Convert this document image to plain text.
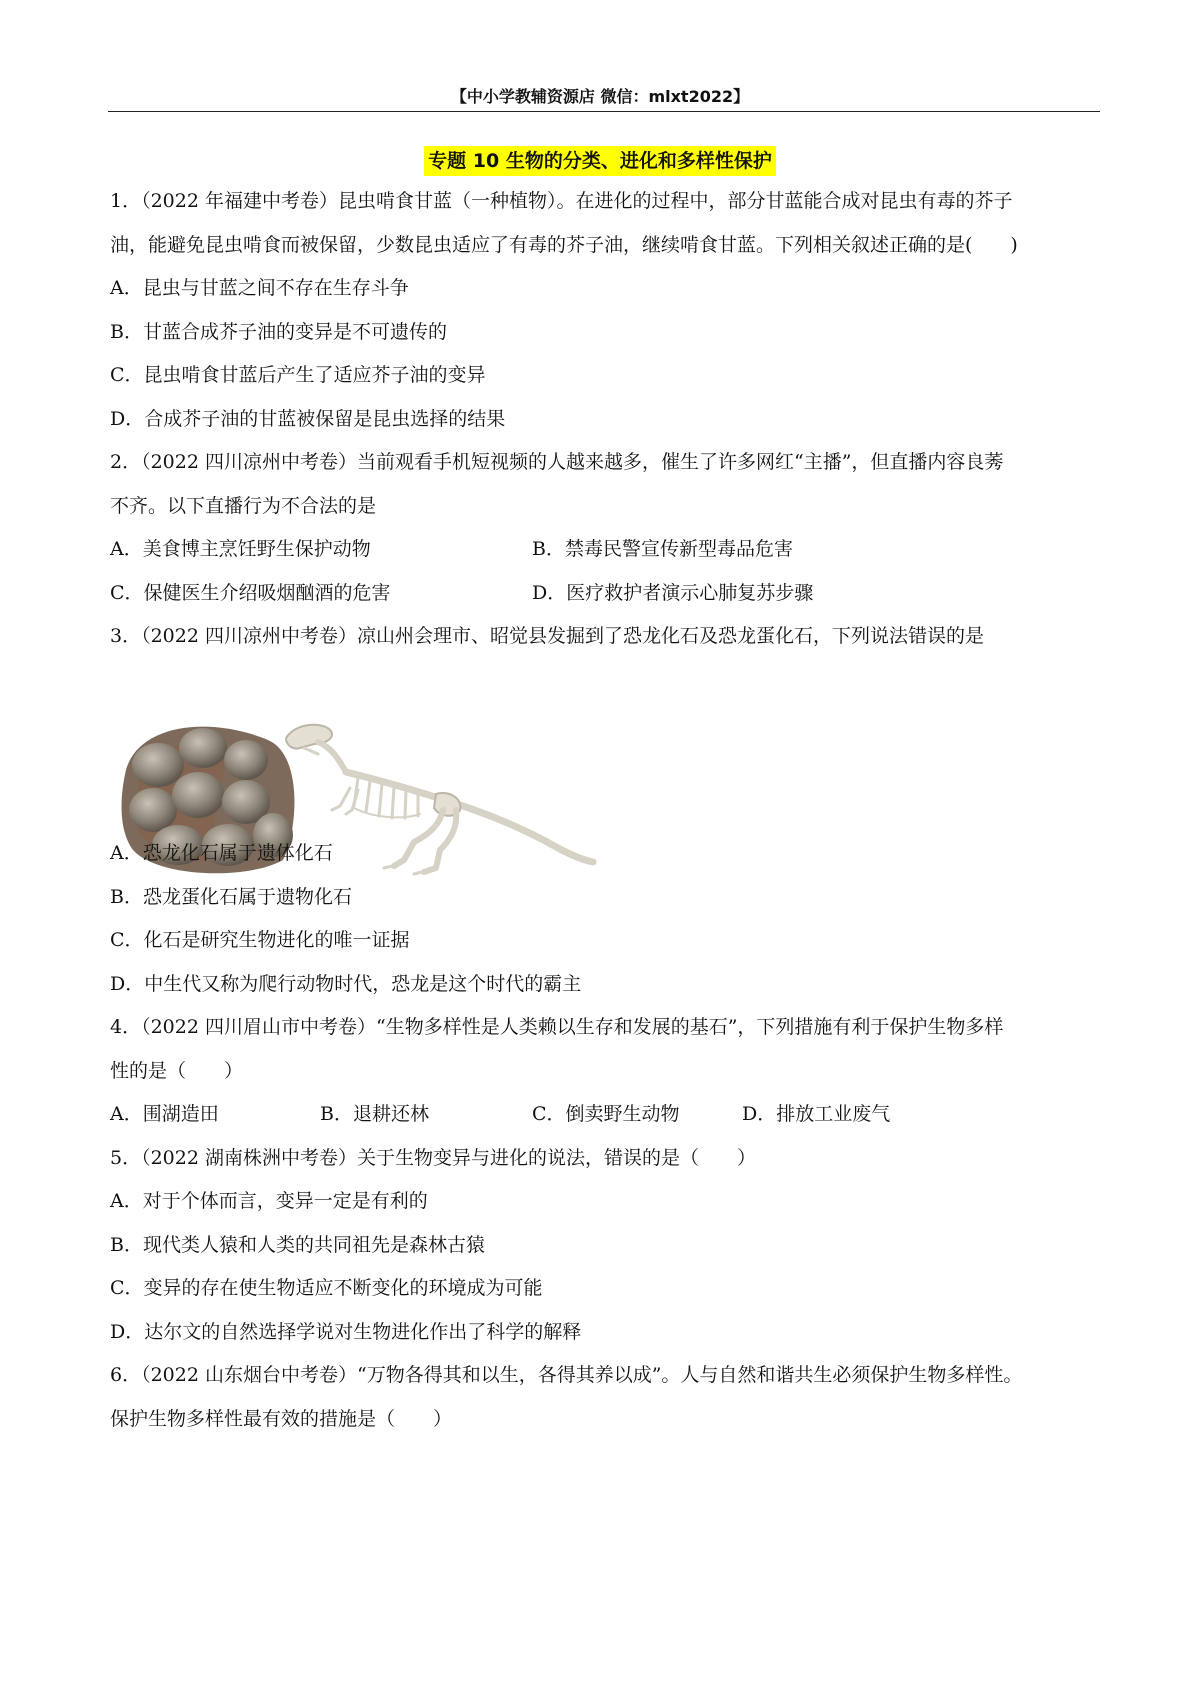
【中小学教辅资源店 微信：mlxt2022】
专题 10 生物的分类、进化和多样性保护
1．（2022 年福建中考卷）昆虫啃食甘蓝（一种植物）。在进化的过程中，部分甘蓝能合成对昆虫有毒的芥子
油，能避免昆虫啃食而被保留，少数昆虫适应了有毒的芥子油，继续啃食甘蓝。下列相关叙述正确的是(　　)
A．昆虫与甘蓝之间不存在生存斗争
B．甘蓝合成芥子油的变异是不可遗传的
C．昆虫啃食甘蓝后产生了适应芥子油的变异
D．合成芥子油的甘蓝被保留是昆虫选择的结果
2．（2022 四川凉州中考卷）当前观看手机短视频的人越来越多，催生了许多网红“主播”，但直播内容良莠
不齐。以下直播行为不合法的是
A．美食博主烹饪野生保护动物	B．禁毒民警宣传新型毒品危害
C．保健医生介绍吸烟酗酒的危害	D．医疗救护者演示心肺复苏步骤
3．（2022 四川凉州中考卷）凉山州会理市、昭觉县发掘到了恐龙化石及恐龙蛋化石，下列说法错误的是
A．恐龙化石属于遗体化石
B．恐龙蛋化石属于遗物化石
C．化石是研究生物进化的唯一证据
D．中生代又称为爬行动物时代，恐龙是这个时代的霸主
4．（2022 四川眉山市中考卷）“生物多样性是人类赖以生存和发展的基石”，下列措施有利于保护生物多样
性的是（　　）
A．围湖造田	B．退耕还林	C．倒卖野生动物	D．排放工业废气
5．（2022 湖南株洲中考卷）关于生物变异与进化的说法，错误的是（　　）
A．对于个体而言，变异一定是有利的
B．现代类人猿和人类的共同祖先是森林古猿
C．变异的存在使生物适应不断变化的环境成为可能
D．达尔文的自然选择学说对生物进化作出了科学的解释
6．（2022 山东烟台中考卷）“万物各得其和以生，各得其养以成”。人与自然和谐共生必须保护生物多样性。
保护生物多样性最有效的措施是（　　）
